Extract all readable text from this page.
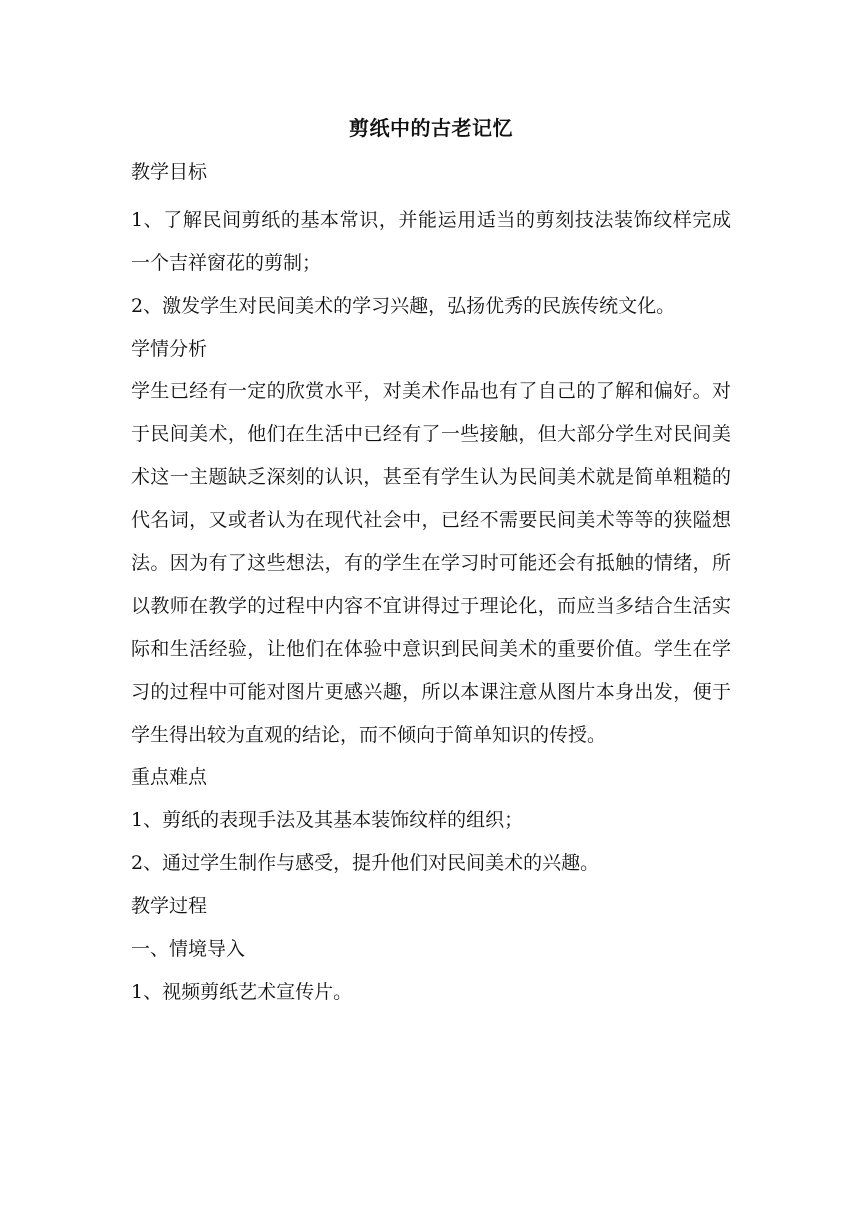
剪纸中的古老记忆

教学目标

1、了解民间剪纸的基本常识，并能运用适当的剪刻技法装饰纹样完成一个吉祥窗花的剪制；

2、激发学生对民间美术的学习兴趣，弘扬优秀的民族传统文化。

学情分析

学生已经有一定的欣赏水平，对美术作品也有了自己的了解和偏好。对于民间美术，他们在生活中已经有了一些接触，但大部分学生对民间美术这一主题缺乏深刻的认识，甚至有学生认为民间美术就是简单粗糙的代名词，又或者认为在现代社会中，已经不需要民间美术等等的狭隘想法。因为有了这些想法，有的学生在学习时可能还会有抵触的情绪，所以教师在教学的过程中内容不宜讲得过于理论化，而应当多结合生活实际和生活经验，让他们在体验中意识到民间美术的重要价值。学生在学习的过程中可能对图片更感兴趣，所以本课注意从图片本身出发，便于学生得出较为直观的结论，而不倾向于简单知识的传授。

重点难点

1、剪纸的表现手法及其基本装饰纹样的组织；

2、通过学生制作与感受，提升他们对民间美术的兴趣。

教学过程

一、情境导入

1、视频剪纸艺术宣传片。
